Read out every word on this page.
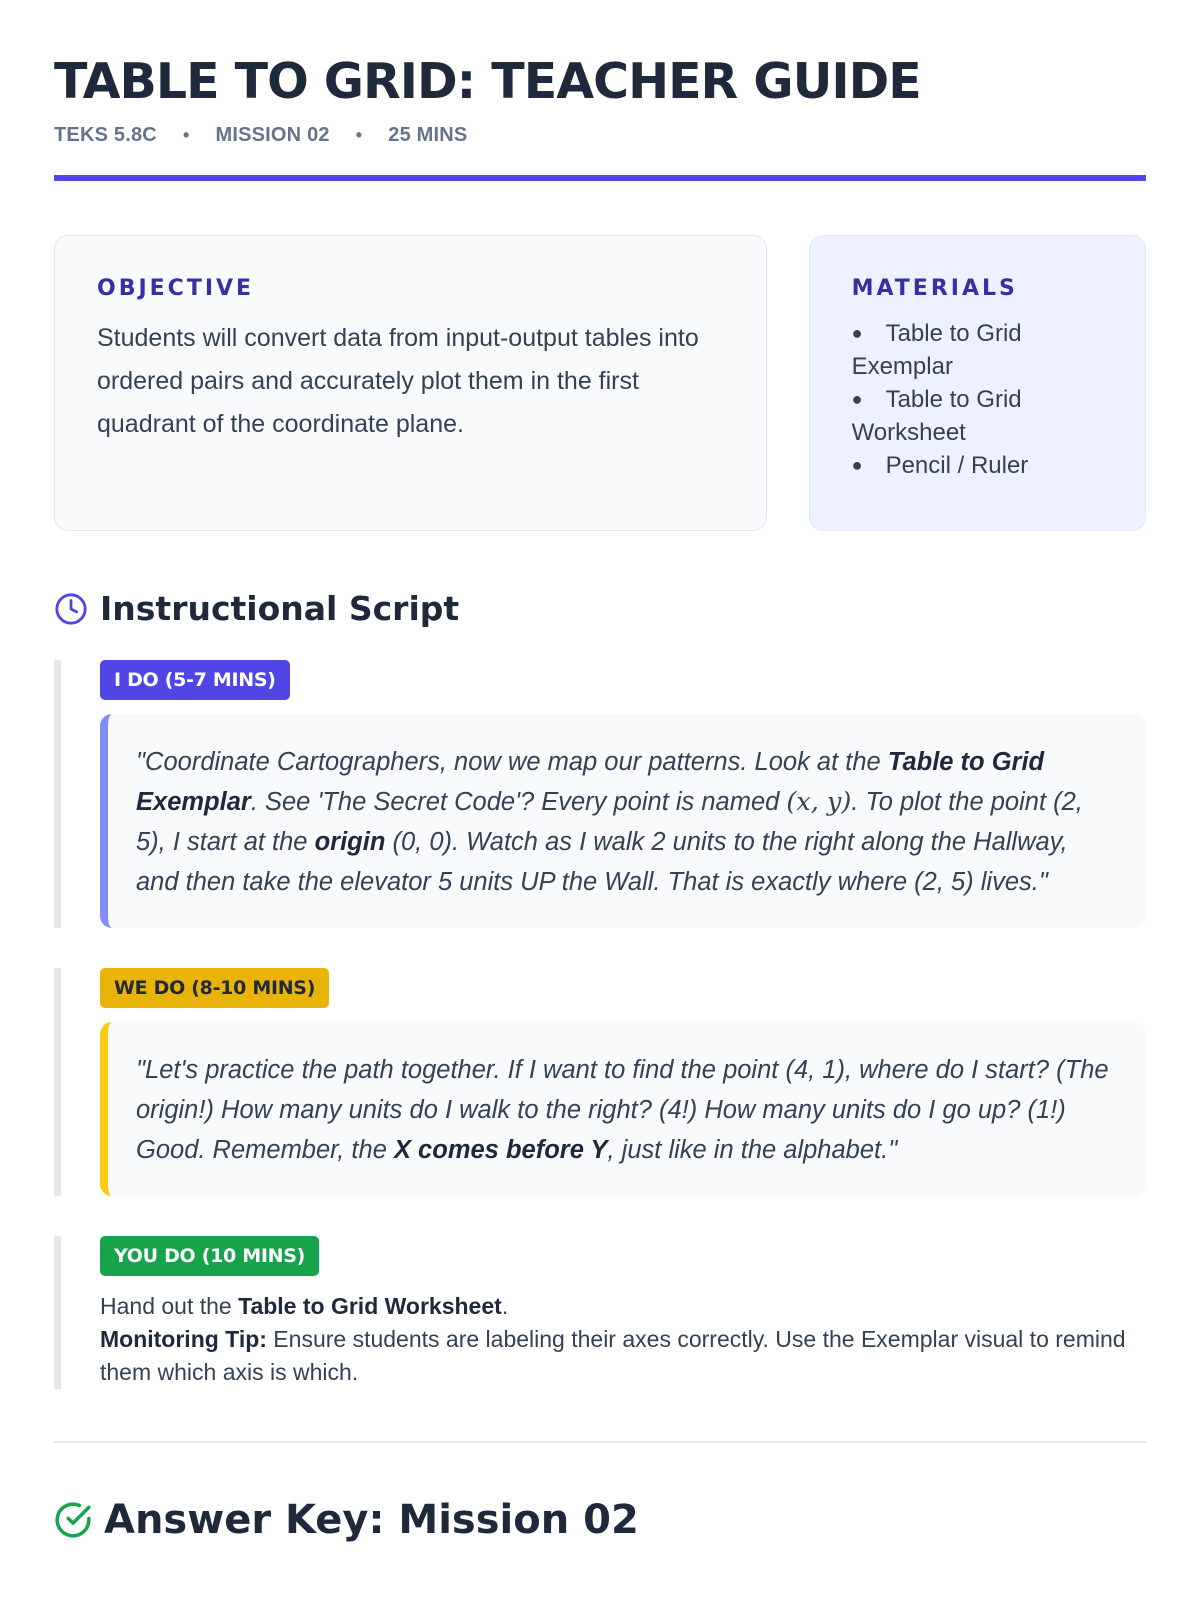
TABLE TO GRID: TEACHER GUIDE
TEKS 5.8C • MISSION 02 • 25 MINS
OBJECTIVE

Students will convert data from input-output tables into ordered pairs and accurately plot them in the first quadrant of the coordinate plane.

MATERIALS
● Table to Grid Exemplar
● Table to Grid Worksheet
● Pencil / Ruler
Instructional Script
I DO (5-7 MINS)
"Coordinate Cartographers, now we map our patterns. Look at the Table to Grid Exemplar. See 'The Secret Code'? Every point is named (x, y). To plot the point (2, 5), I start at the origin (0, 0). Watch as I walk 2 units to the right along the Hallway, and then take the elevator 5 units UP the Wall. That is exactly where (2, 5) lives."
WE DO (8-10 MINS)
"Let's practice the path together. If I want to find the point (4, 1), where do I start? (The origin!) How many units do I walk to the right? (4!) How many units do I go up? (1!) Good. Remember, the X comes before Y, just like in the alphabet."
YOU DO (10 MINS)
Hand out the Table to Grid Worksheet.
Monitoring Tip: Ensure students are labeling their axes correctly. Use the Exemplar visual to remind them which axis is which.
Answer Key: Mission 02
